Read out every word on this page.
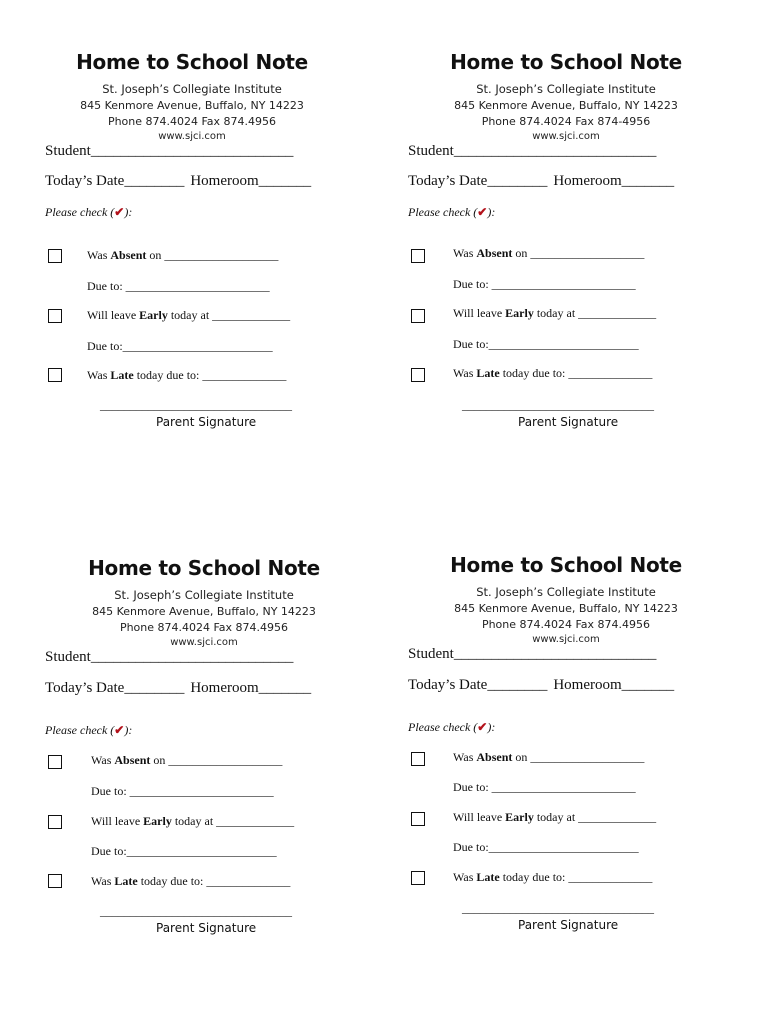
Home to School Note
St. Joseph’s Collegiate Institute
845 Kenmore Avenue, Buffalo, NY 14223
Phone 874.4024 Fax 874.4956
www.sjci.com
Student___________________________
Today’s Date________ Homeroom_______
Please check (✔):
Was Absent on ___________________
Due to: ________________________
Will leave Early today at _____________
Due to:_________________________
Was Late today due to: ______________
________________________________
Parent Signature
Home to School Note
St. Joseph’s Collegiate Institute
845 Kenmore Avenue, Buffalo, NY 14223
Phone 874.4024 Fax 874-4956
www.sjci.com
Student___________________________
Today’s Date________ Homeroom_______
Please check (✔):
Was Absent on ___________________
Due to: ________________________
Will leave Early today at _____________
Due to:_________________________
Was Late today due to: ______________
________________________________
Parent Signature
Home to School Note
St. Joseph’s Collegiate Institute
845 Kenmore Avenue, Buffalo, NY 14223
Phone 874.4024 Fax 874.4956
www.sjci.com
Student___________________________
Today’s Date________ Homeroom_______
Please check (✔):
Was Absent on ___________________
Due to: ________________________
Will leave Early today at _____________
Due to:_________________________
Was Late today due to: ______________
________________________________
Parent Signature
Home to School Note
St. Joseph’s Collegiate Institute
845 Kenmore Avenue, Buffalo, NY 14223
Phone 874.4024 Fax 874.4956
www.sjci.com
Student___________________________
Today’s Date________ Homeroom_______
Please check (✔):
Was Absent on ___________________
Due to: ________________________
Will leave Early today at _____________
Due to:_________________________
Was Late today due to: ______________
________________________________
Parent Signature
